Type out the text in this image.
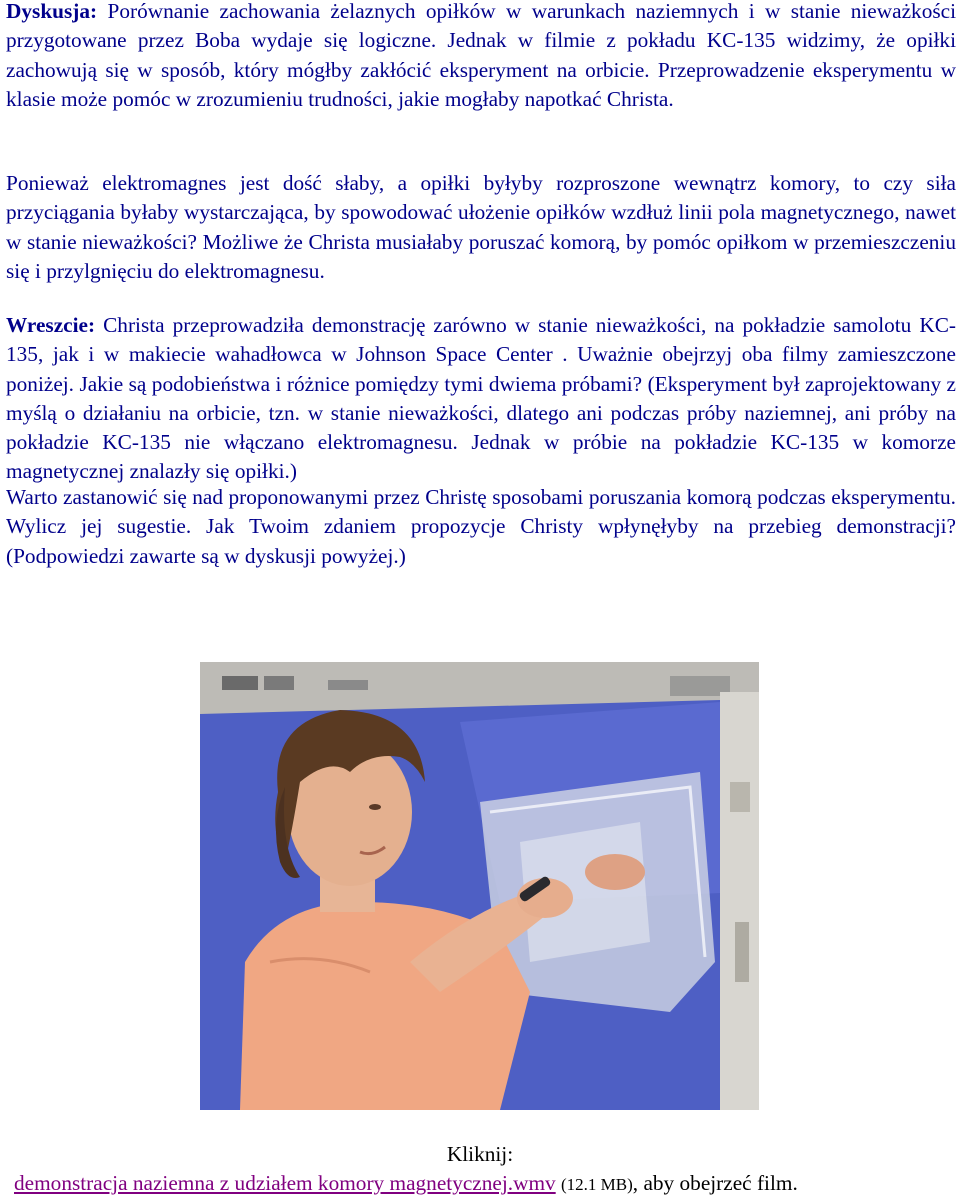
Dyskusja: Porównanie zachowania żelaznych opiłków w warunkach naziemnych i w stanie nieważkości przygotowane przez Boba wydaje się logiczne. Jednak w filmie z pokładu KC-135 widzimy, że opiłki zachowują się w sposób, który mógłby zakłócić eksperyment na orbicie. Przeprowadzenie eksperymentu w klasie może pomóc w zrozumieniu trudności, jakie mogłaby napotkać Christa.

Ponieważ elektromagnes jest dość słaby, a opiłki byłyby rozproszone wewnątrz komory, to czy siła przyciągania byłaby wystarczająca, by spowodować ułożenie opiłków wzdłuż linii pola magnetycznego, nawet w stanie nieważkości? Możliwe że Christa musiałaby poruszać komorą, by pomóc opiłkom w przemieszczeniu się i przylgnięciu do elektromagnesu.

Wreszcie: Christa przeprowadziła demonstrację zarówno w stanie nieważkości, na pokładzie samolotu KC-135, jak i w makiecie wahadłowca w Johnson Space Center . Uważnie obejrzyj oba filmy zamieszczone poniżej. Jakie są podobieństwa i różnice pomiędzy tymi dwiema próbami? (Eksperyment był zaprojektowany z myślą o działaniu na orbicie, tzn. w stanie nieważkości, dlatego ani podczas próby naziemnej, ani próby na pokładzie KC-135 nie włączano elektromagnesu. Jednak w próbie na pokładzie KC-135 w komorze magnetycznej znalazły się opiłki.)

Warto zastanowić się nad proponowanymi przez Christę sposobami poruszania komorą podczas eksperymentu. Wylicz jej sugestie. Jak Twoim zdaniem propozycje Christy wpłynęłyby na przebieg demonstracji? (Podpowiedzi zawarte są w dyskusji powyżej.)

Kliknij:
demonstracja naziemna z udziałem komory magnetycznej.wmv (12.1 MB), aby obejrzeć film.
